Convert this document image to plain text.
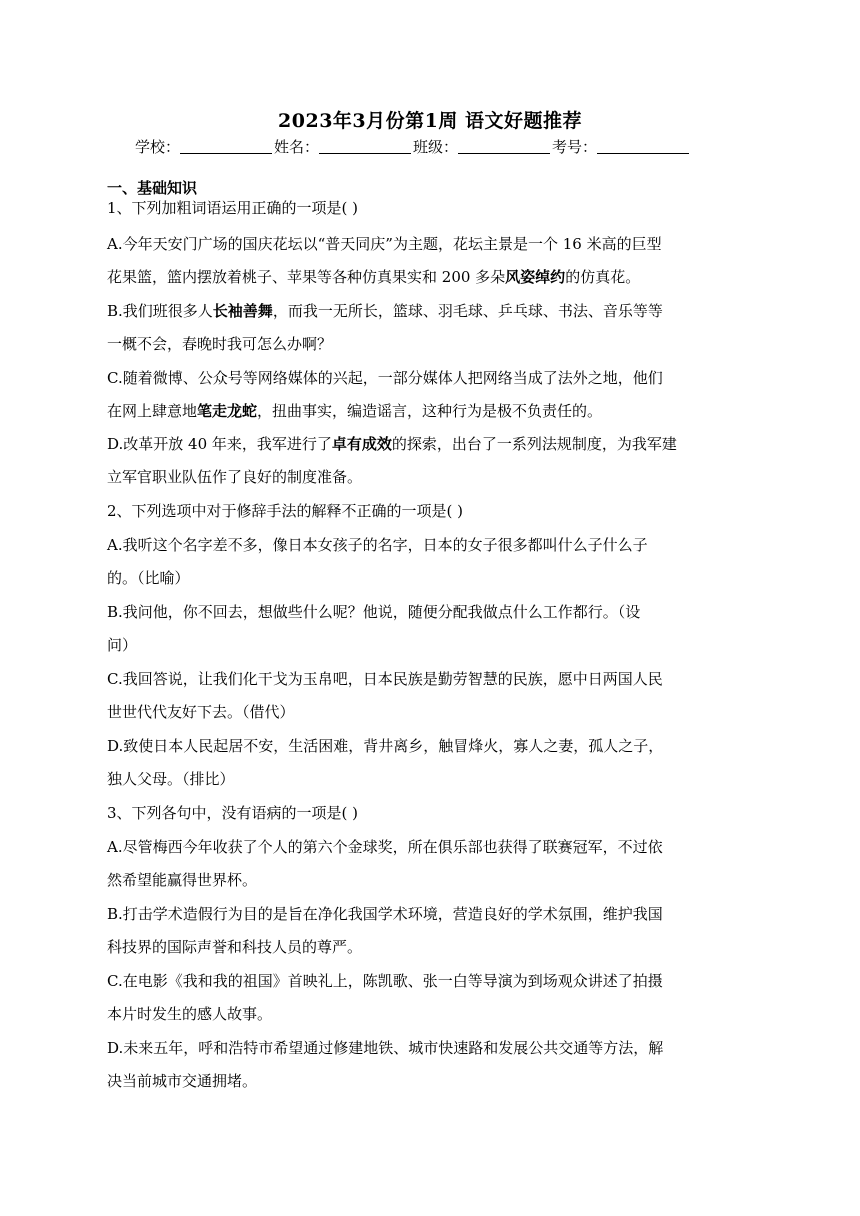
2023年3月份第1周 语文好题推荐
学校：	姓名：	班级：	考号：
一、基础知识
1、下列加粗词语运用正确的一项是( )
A.今年天安门广场的国庆花坛以“普天同庆”为主题，花坛主景是一个 16 米高的巨型
花果篮，篮内摆放着桃子、苹果等各种仿真果实和 200 多朵风姿绰约的仿真花。
B.我们班很多人长袖善舞，而我一无所长，篮球、羽毛球、乒乓球、书法、音乐等等
一概不会，春晚时我可怎么办啊？
C.随着微博、公众号等网络媒体的兴起，一部分媒体人把网络当成了法外之地，他们
在网上肆意地笔走龙蛇，扭曲事实，编造谣言，这种行为是极不负责任的。
D.改革开放 40 年来，我军进行了卓有成效的探索，出台了一系列法规制度，为我军建
立军官职业队伍作了良好的制度准备。
2、下列选项中对于修辞手法的解释不正确的一项是( )
A.我听这个名字差不多，像日本女孩子的名字，日本的女子很多都叫什么子什么子
的。（比喻）
B.我问他，你不回去，想做些什么呢？他说，随便分配我做点什么工作都行。（设
问）
C.我回答说，让我们化干戈为玉帛吧，日本民族是勤劳智慧的民族，愿中日两国人民
世世代代友好下去。（借代）
D.致使日本人民起居不安，生活困难，背井离乡，触冒烽火，寡人之妻，孤人之子，
独人父母。（排比）
3、下列各句中，没有语病的一项是( )
A.尽管梅西今年收获了个人的第六个金球奖，所在俱乐部也获得了联赛冠军，不过依
然希望能赢得世界杯。
B.打击学术造假行为目的是旨在净化我国学术环境，营造良好的学术氛围，维护我国
科技界的国际声誉和科技人员的尊严。
C.在电影《我和我的祖国》首映礼上，陈凯歌、张一白等导演为到场观众讲述了拍摄
本片时发生的感人故事。
D.未来五年，呼和浩特市希望通过修建地铁、城市快速路和发展公共交通等方法，解
决当前城市交通拥堵。
